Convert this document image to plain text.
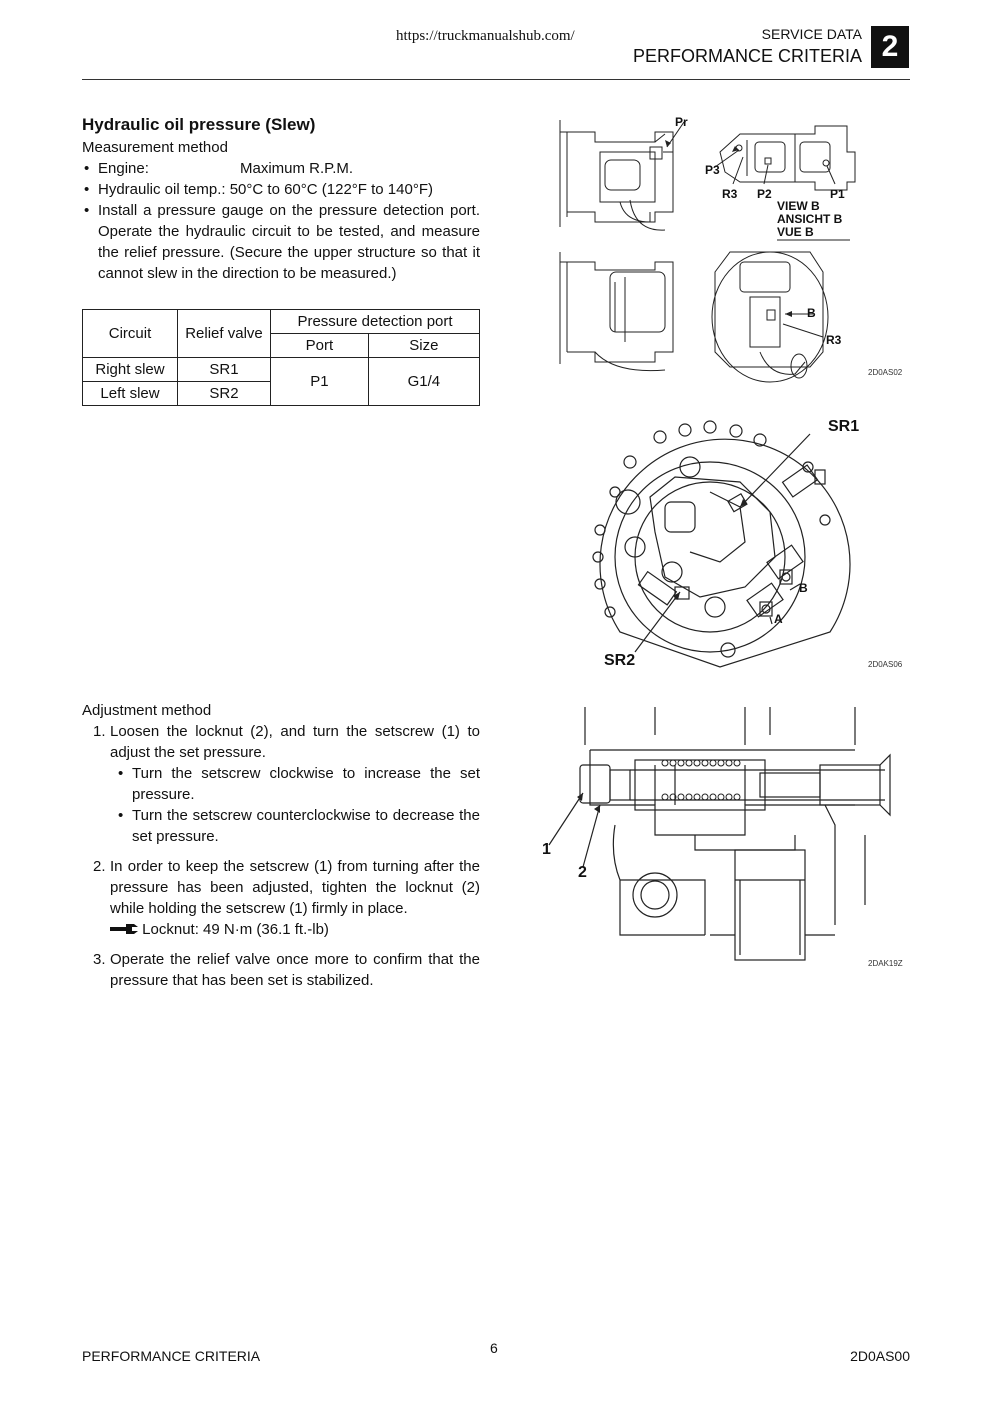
https://truckmanualshub.com/	SERVICE DATA
PERFORMANCE CRITERIA 2
Hydraulic oil pressure (Slew)
Measurement method
• Engine:	Maximum R.P.M.
• Hydraulic oil temp.: 50°C to 60°C (122°F to 140°F)
• Install a pressure gauge on the pressure detection port. Operate the hydraulic circuit to be tested, and measure the relief pressure. (Secure the upper structure so that it cannot slew in the direction to be measured.)
Circuit	Relief valve	Pressure detection port	
		Port	Size
Right slew	SR1	P1	G1/4
Left slew	SR2		
Adjustment method
1. Loosen the locknut (2), and turn the setscrew (1) to adjust the set pressure.
• Turn the setscrew clockwise to increase the set pressure.
• Turn the setscrew counterclockwise to decrease the set pressure.
2. In order to keep the setscrew (1) from turning after the pressure has been adjusted, tighten the locknut (2) while holding the setscrew (1) firmly in place.
Locknut: 49 N·m (36.1 ft.-lb)
3. Operate the relief valve once more to confirm that the pressure that has been set is stabilized.
Pr
P3
R3 P2	P1
VIEW B
ANSICHT B
VUE B
B
R3
2D0AS02
SR1
SR2
B
A
2D0AS06
1
2
2DAK19Z
PERFORMANCE CRITERIA	6	2D0AS00
